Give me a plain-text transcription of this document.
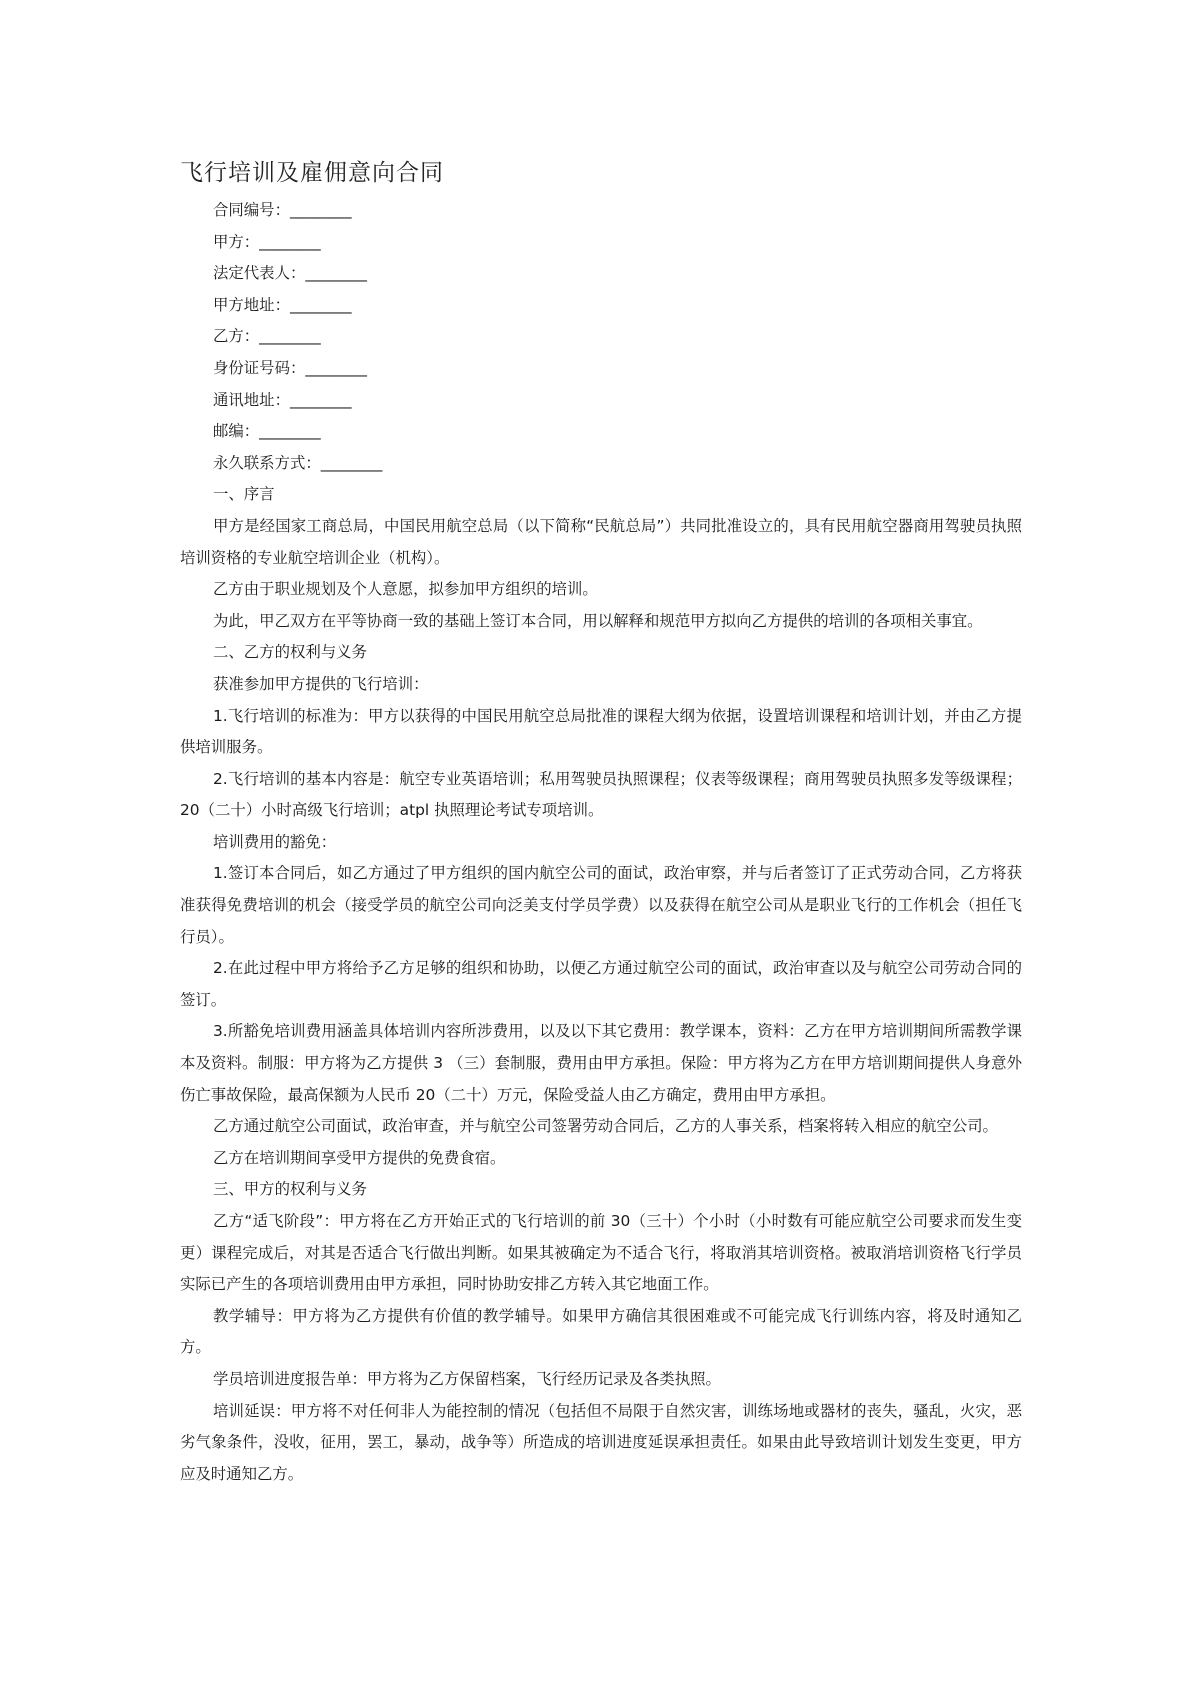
飞行培训及雇佣意向合同

合同编号：________

甲方：________

法定代表人：________

甲方地址：________

乙方：________

身份证号码：________

通讯地址：________

邮编：________

永久联系方式：________

一、序言

甲方是经国家工商总局，中国民用航空总局（以下简称“民航总局”）共同批准设立的，具有民用航空器商用驾驶员执照培训资格的专业航空培训企业（机构）。

乙方由于职业规划及个人意愿，拟参加甲方组织的培训。

为此，甲乙双方在平等协商一致的基础上签订本合同，用以解释和规范甲方拟向乙方提供的培训的各项相关事宜。

二、乙方的权利与义务

获准参加甲方提供的飞行培训：

1.飞行培训的标准为：甲方以获得的中国民用航空总局批准的课程大纲为依据，设置培训课程和培训计划，并由乙方提供培训服务。

2.飞行培训的基本内容是：航空专业英语培训；私用驾驶员执照课程；仪表等级课程；商用驾驶员执照多发等级课程；20（二十）小时高级飞行培训；atpl 执照理论考试专项培训。

培训费用的豁免：

1.签订本合同后，如乙方通过了甲方组织的国内航空公司的面试，政治审察，并与后者签订了正式劳动合同，乙方将获准获得免费培训的机会（接受学员的航空公司向泛美支付学员学费）以及获得在航空公司从是职业飞行的工作机会（担任飞行员）。

2.在此过程中甲方将给予乙方足够的组织和协助，以便乙方通过航空公司的面试，政治审查以及与航空公司劳动合同的签订。

3.所豁免培训费用涵盖具体培训内容所涉费用，以及以下其它费用：教学课本，资料：乙方在甲方培训期间所需教学课本及资料。制服：甲方将为乙方提供 3 （三）套制服，费用由甲方承担。保险：甲方将为乙方在甲方培训期间提供人身意外伤亡事故保险，最高保额为人民币 20（二十）万元，保险受益人由乙方确定，费用由甲方承担。

乙方通过航空公司面试，政治审查，并与航空公司签署劳动合同后，乙方的人事关系，档案将转入相应的航空公司。

乙方在培训期间享受甲方提供的免费食宿。

三、甲方的权利与义务

乙方“适飞阶段”：甲方将在乙方开始正式的飞行培训的前 30（三十）个小时（小时数有可能应航空公司要求而发生变更）课程完成后，对其是否适合飞行做出判断。如果其被确定为不适合飞行，将取消其培训资格。被取消培训资格飞行学员实际已产生的各项培训费用由甲方承担，同时协助安排乙方转入其它地面工作。

教学辅导：甲方将为乙方提供有价值的教学辅导。如果甲方确信其很困难或不可能完成飞行训练内容，将及时通知乙方。

学员培训进度报告单：甲方将为乙方保留档案，飞行经历记录及各类执照。

培训延误：甲方将不对任何非人为能控制的情况（包括但不局限于自然灾害，训练场地或器材的丧失，骚乱，火灾，恶劣气象条件，没收，征用，罢工，暴动，战争等）所造成的培训进度延误承担责任。如果由此导致培训计划发生变更，甲方应及时通知乙方。
